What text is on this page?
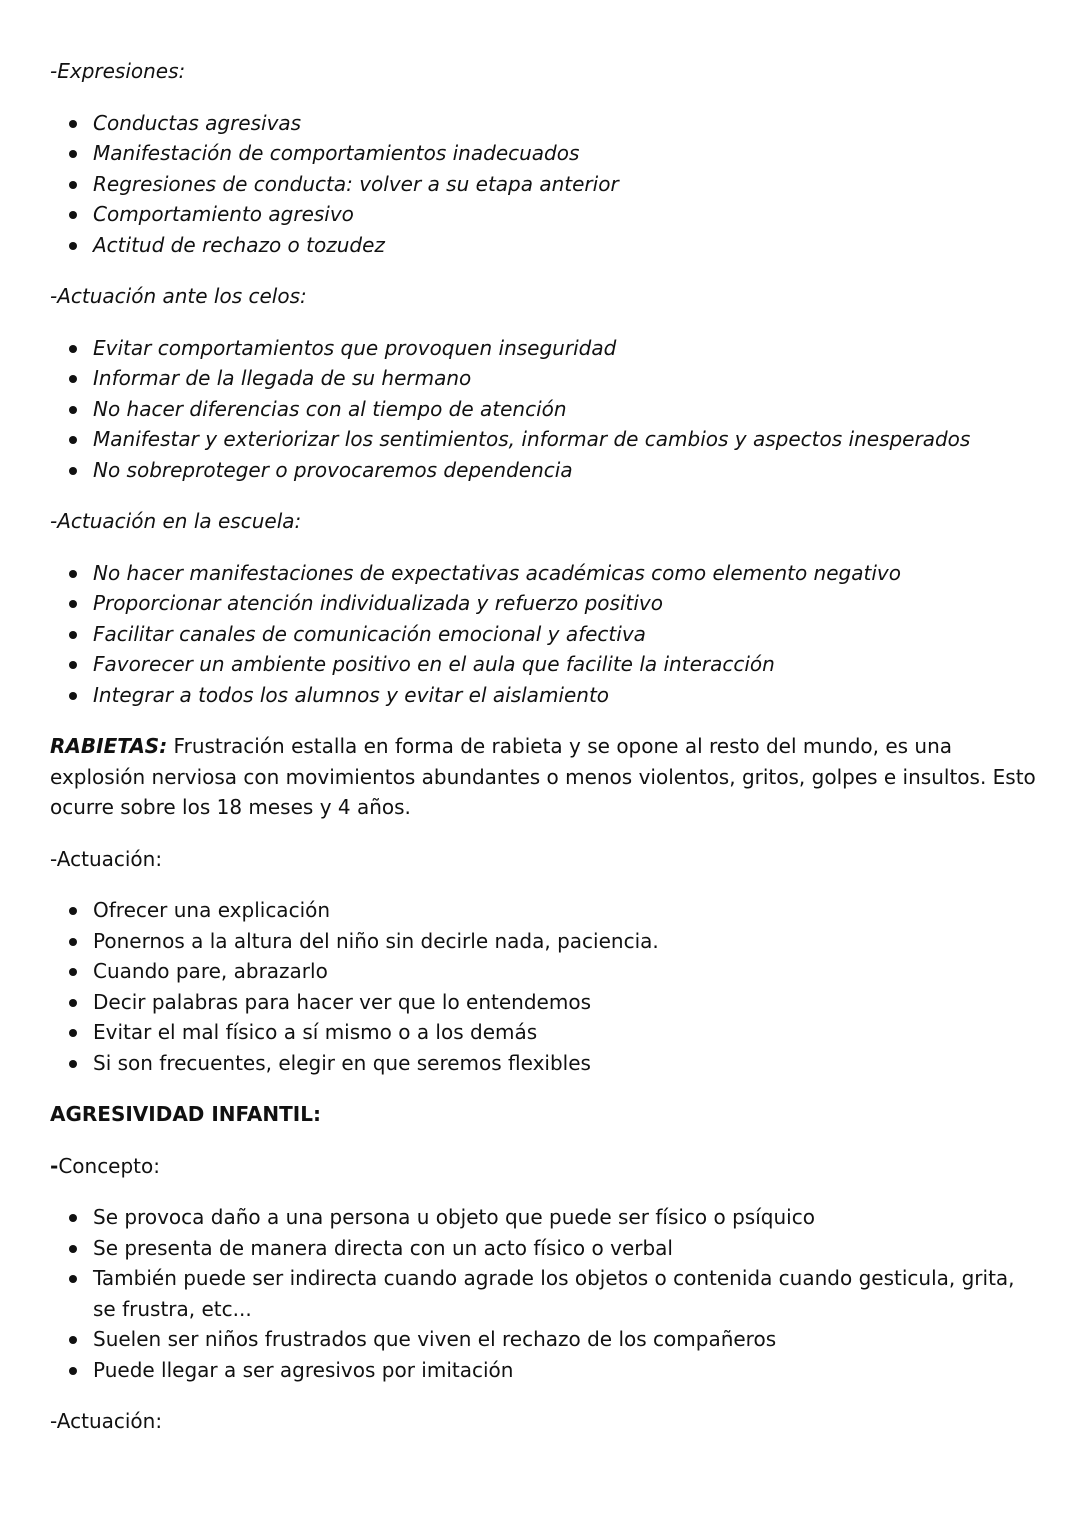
-Expresiones:
Conductas agresivas
Manifestación de comportamientos inadecuados
Regresiones de conducta: volver a su etapa anterior
Comportamiento agresivo
Actitud de rechazo o tozudez
-Actuación ante los celos:
Evitar comportamientos que provoquen inseguridad
Informar de la llegada de su hermano
No hacer diferencias con al tiempo de atención
Manifestar y exteriorizar los sentimientos, informar de cambios y aspectos inesperados
No sobreproteger o provocaremos dependencia
-Actuación en la escuela:
No hacer manifestaciones de expectativas académicas como elemento negativo
Proporcionar atención individualizada y refuerzo positivo
Facilitar canales de comunicación emocional y afectiva
Favorecer un ambiente positivo en el aula que facilite la interacción
Integrar a todos los alumnos y evitar el aislamiento

RABIETAS: Frustración estalla en forma de rabieta y se opone al resto del mundo, es una explosión nerviosa con movimientos abundantes o menos violentos, gritos, golpes e insultos. Esto ocurre sobre los 18 meses y 4 años.

-Actuación:
Ofrecer una explicación
Ponernos a la altura del niño sin decirle nada, paciencia.
Cuando pare, abrazarlo
Decir palabras para hacer ver que lo entendemos
Evitar el mal físico a sí mismo o a los demás
Si son frecuentes, elegir en que seremos flexibles
AGRESIVIDAD INFANTIL:
-Concepto:
Se provoca daño a una persona u objeto que puede ser físico o psíquico
Se presenta de manera directa con un acto físico o verbal
También puede ser indirecta cuando agrade los objetos o contenida cuando gesticula, grita, se frustra, etc...
Suelen ser niños frustrados que viven el rechazo de los compañeros
Puede llegar a ser agresivos por imitación
-Actuación:
